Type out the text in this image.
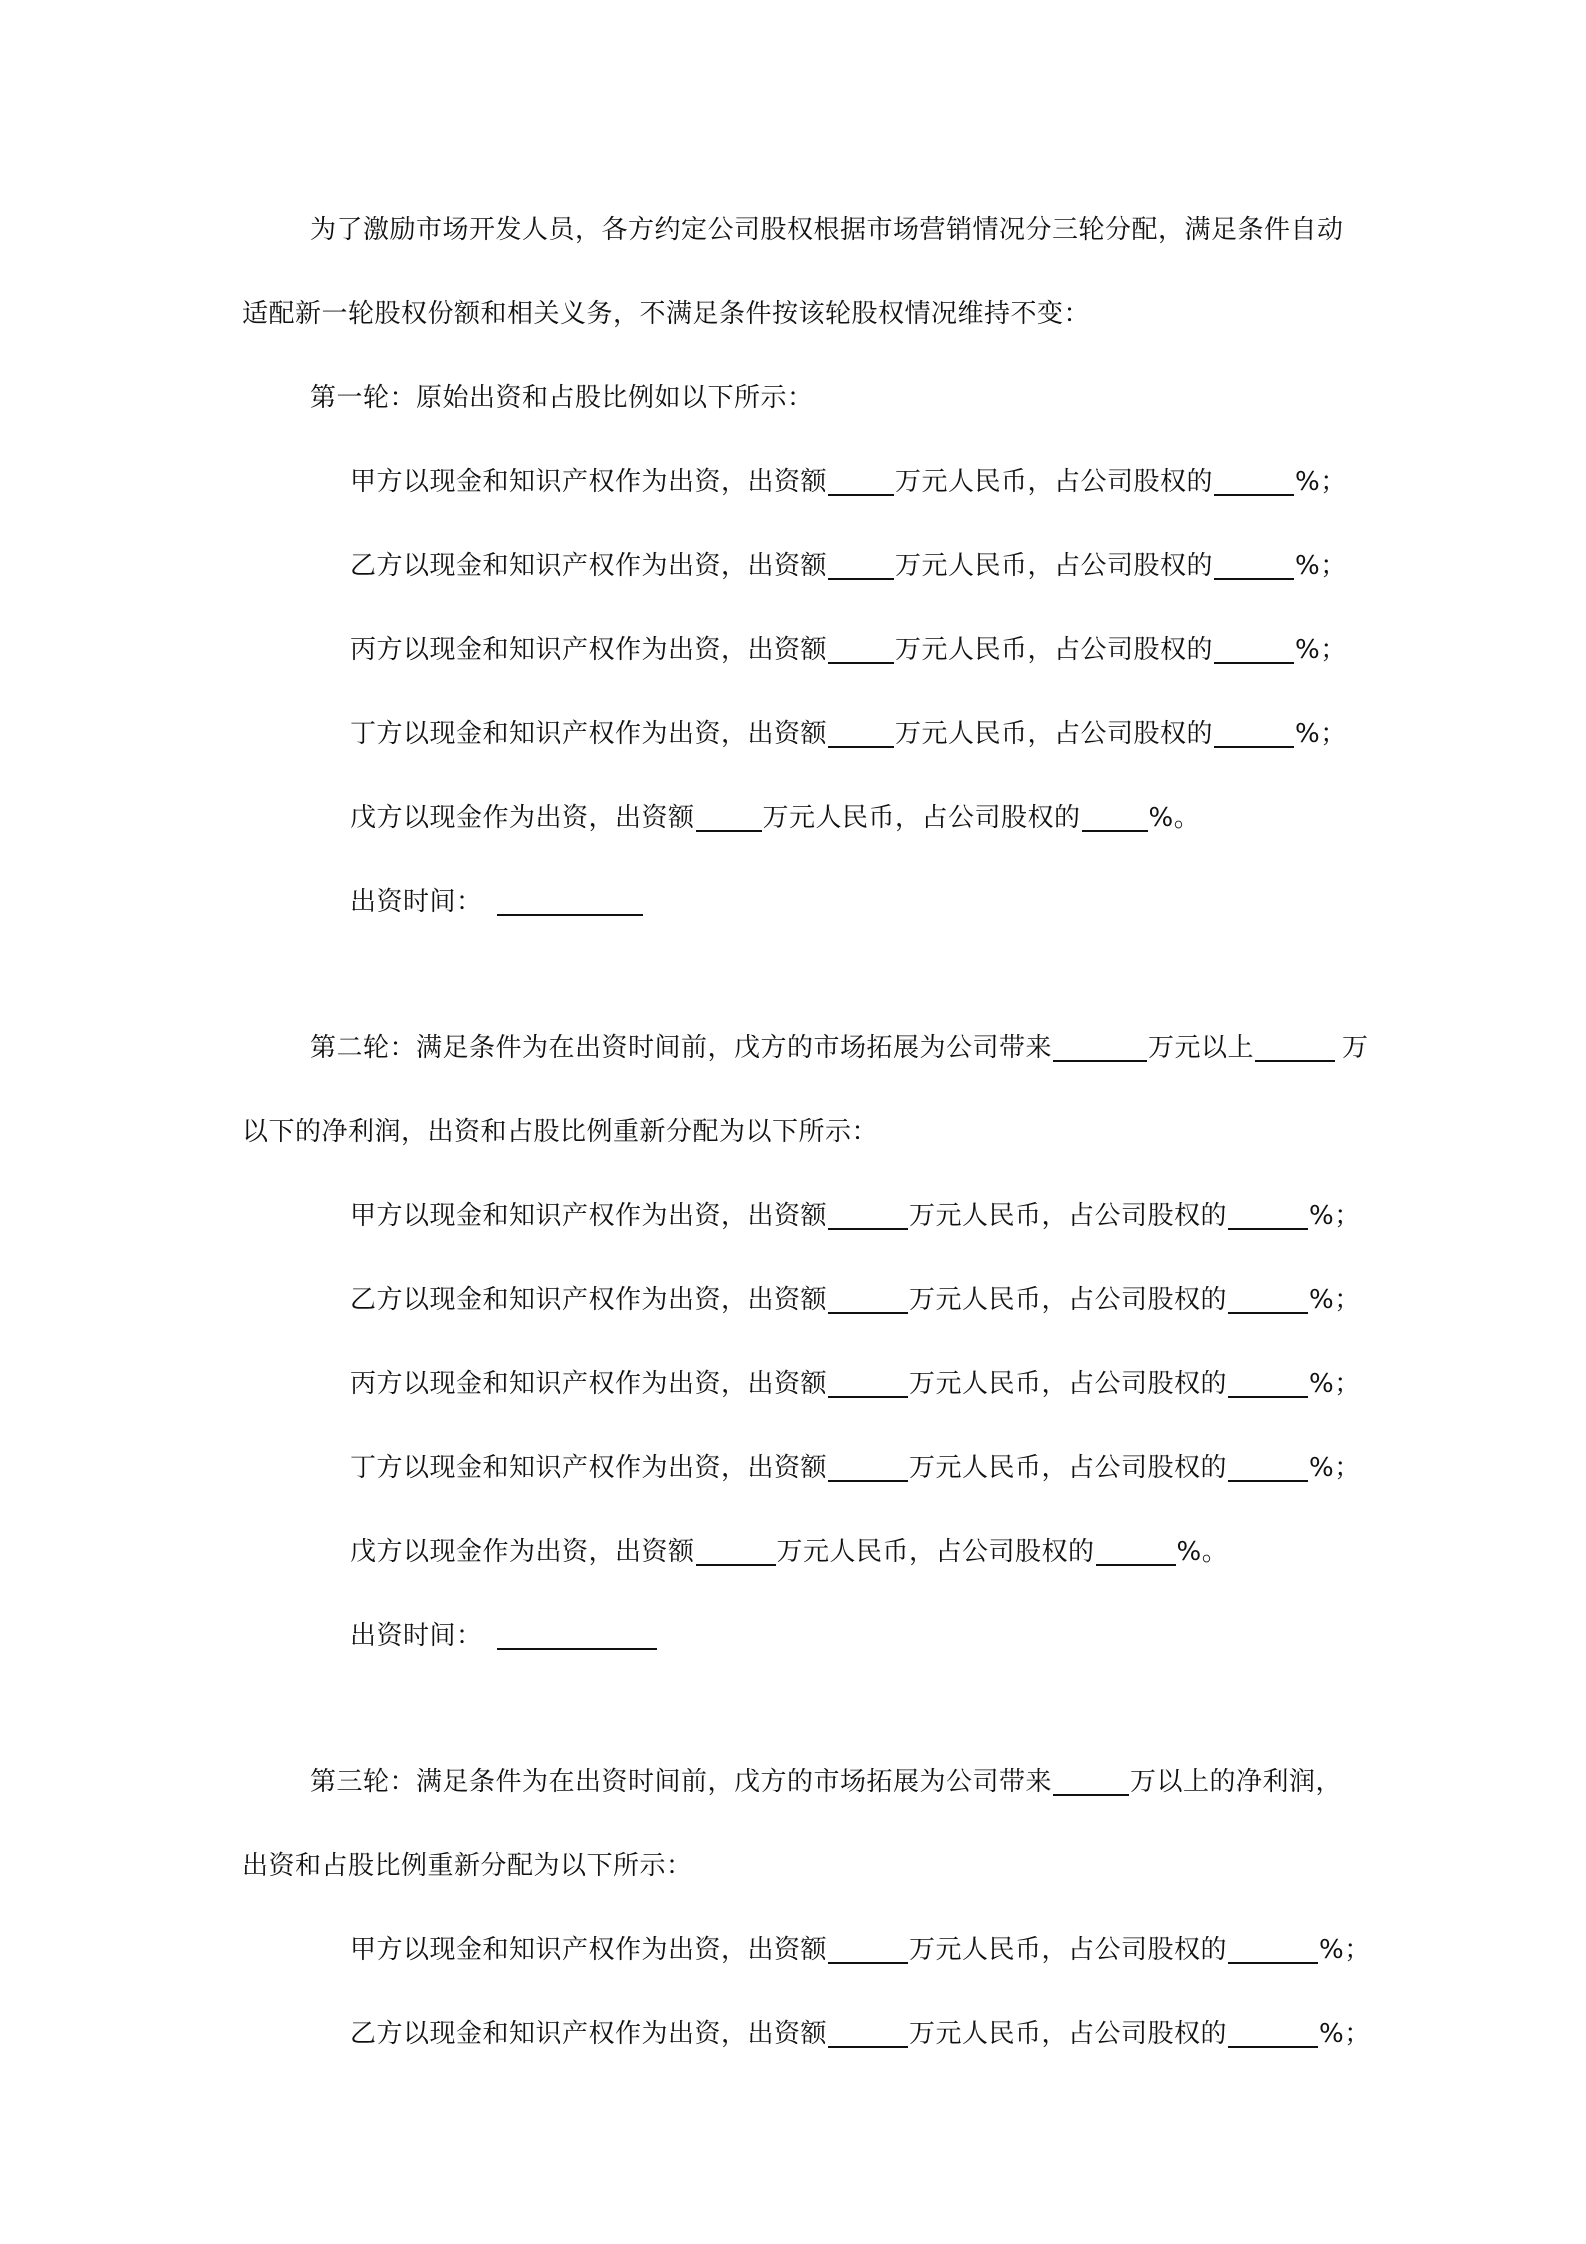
为了激励市场开发人员，各方约定公司股权根据市场营销情况分三轮分配，满足条件自动
适配新一轮股权份额和相关义务，不满足条件按该轮股权情况维持不变：
第一轮：原始出资和占股比例如以下所示：
甲方以现金和知识产权作为出资，出资额	万元人民币，占公司股权的	%；
乙方以现金和知识产权作为出资，出资额	万元人民币，占公司股权的	%；
丙方以现金和知识产权作为出资，出资额	万元人民币，占公司股权的	%；
丁方以现金和知识产权作为出资，出资额	万元人民币，占公司股权的	%；
戊方以现金作为出资，出资额	万元人民币，占公司股权的	%。
出资时间：
第二轮：满足条件为在出资时间前，戊方的市场拓展为公司带来	万元以上	万
以下的净利润，出资和占股比例重新分配为以下所示：
甲方以现金和知识产权作为出资，出资额	万元人民币，占公司股权的	%；
乙方以现金和知识产权作为出资，出资额	万元人民币，占公司股权的	%；
丙方以现金和知识产权作为出资，出资额	万元人民币，占公司股权的	%；
丁方以现金和知识产权作为出资，出资额	万元人民币，占公司股权的	%；
戊方以现金作为出资，出资额	万元人民币，占公司股权的	%。
出资时间：
第三轮：满足条件为在出资时间前，戊方的市场拓展为公司带来	万以上的净利润，
出资和占股比例重新分配为以下所示：
甲方以现金和知识产权作为出资，出资额	万元人民币，占公司股权的	%；
乙方以现金和知识产权作为出资，出资额	万元人民币，占公司股权的	%；
